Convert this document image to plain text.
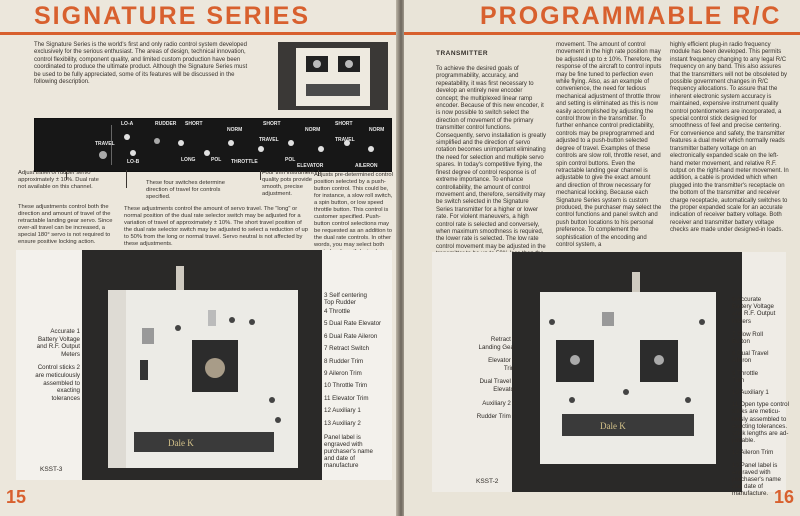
SIGNATURE SERIES
The Signature Series is the world's first and only radio control system developed exclusively for the serious enthusiast. The areas of design, technical innovation, control flexibility, component quality, and limited custom production have been coordinated to produce the ultimate product. Although the Signature Series must be used to be fully appreciated, some of its features will be discussed in the following description.
LO-A
LO-B
RUDDER SHORT
NORM
SHORT
NORM
SHORT
NORM
TRAVEL
LONG	POL THROTTLE
TRAVEL
POL
ELEVATOR
TRAVEL
AILERON
Adjust travel of rudder servo approximately ± 10%. Dual rate not available on this channel.
These four switches determine direction of travel for controls specified.
Four trim instrument quality pots provide smooth, precise adjustment.
Adjusts pre-determined control position selected by a push-button control. This could be, for instance, a slow roll switch, a spin button, or low speed throttle button. This control is customer specified. Push-button control selections may be requested as an addition to the dual rate controls. In other words, you may select both
These adjustments control both the direction and amount of travel of the retractable landing gear servo. Since over-all travel can be increased, a special 180° servo is not required to ensure positive locking action.
These adjustments control the amount of servo travel. The "long" or normal position of the dual rate selector switch may be adjusted for a variation of travel of approximately ± 10%. The short travel position of the dual rate selector switch may be adjusted to select a reduction of up to 50% from the long or normal travel. Servo neutral is not affected by these adjustments.
Dale K
Accurate 1
Battery Voltage
and R.F. Output
Meters
Control sticks 2
are meticulously
assembled to
exacting
tolerances
3 Self centering
Top Rudder
4 Throttle
5 Dual Rate Elevator
6 Dual Rate Aileron
7 Retract Switch
8 Rudder Trim
9 Aileron Trim
10 Throttle Trim
11 Elevator Trim
12 Auxiliary 1
13 Auxiliary 2
Panel label is
engraved with
purchaser's name
and date of
manufacture
KSST-3
15
PROGRAMMABLE R/C
TRANSMITTER
To achieve the desired goals of programmability, accuracy, and repeatability, it was first necessary to develop an entirely new encoder concept; the multiplexed linear ramp encoder. Because of this new encoder, it is now possible to switch select the direction of movement of the primary transmitter control functions. Consequently, servo installation is greatly simplified and the direction of servo rotation becomes unimportant eliminating the need for selection and multiple servo spares. In today's competitive flying, the finest degree of control response is of extreme importance. To enhance controllability, the amount of control movement and, therefore, sensitivity may be switch selected in the Signature Series transmitter for a higher or lower rate. For violent maneuvers, a high control rate is selected and conversely, when maximum smoothness is required, the lower rate is selected. The low rate control movement may be adjusted in the
movement. The amount of control movement in the high rate position may be adjusted up to ± 10%. Therefore, the response of the aircraft to control inputs may be fine tuned to perfection even while flying. Also, as an example of convenience, the need for tedious mechanical adjustment of throttle throw and setting is eliminated as this is now easily accomplished by adjusting the control throw in the transmitter. To further enhance control predictability, controls may be preprogrammed and adjusted to a push-button selected degree of travel. Examples of these controls are slow roll, throttle reset, and spin control buttons. Even the retractable landing gear channel is adjustable to give the exact amount and direction of throw necessary for mechanical locking. Because each Signature Series system is custom produced, the purchaser may select the control functions and panel switch and push button locations to his personal preference. To complement the sophistication of the encoding and control system, a
highly efficient plug-in radio frequency module has been developed. This permits instant frequency changing to any legal R/C frequency on any band. This also assures that the transmitters will not be obsoleted by possible government changes in R/C frequency allocations. To assure that the inherent electronic system accuracy is maintained, expensive instrument quality control potentiometers are incorporated, a special control stick designed for smoothness of feel and precise centering. For convenience and safety, the transmitter features a dual meter which normally reads transmitter battery voltage on an electronically expanded scale on the left-hand meter movement, and relative R.F. output on the right-hand meter movement. In addition, a cable is provided which when plugged into the transmitter's receptacle on the bottom of the transmitter and receiver charge receptacle, automatically switches to the proper expanded scale for an accurate indication of receiver battery voltage. Both receiver and transmitter battery voltage checks are made under designed-in loads.
Dale K
Retract 1
Landing Gear
Elevator 2
Trim
Dual Travel 3
Elevator
Auxiliary 2 4
Rudder Trim 5
6 Accurate
Battery Voltage
and R.F. Output
Meters
7 Slow Roll
Button
8 Dual Travel
Aileron
9 Throttle
Trim
10 Auxiliary 1
11 Open type control
sticks are meticu-
lously assembled to
exacting tolerances.
Stick lengths are ad-
justable.
12 Aileron Trim
13 Panel label is
engraved with
purchaser's name
and date of
manufacture.
KSST-2
16
